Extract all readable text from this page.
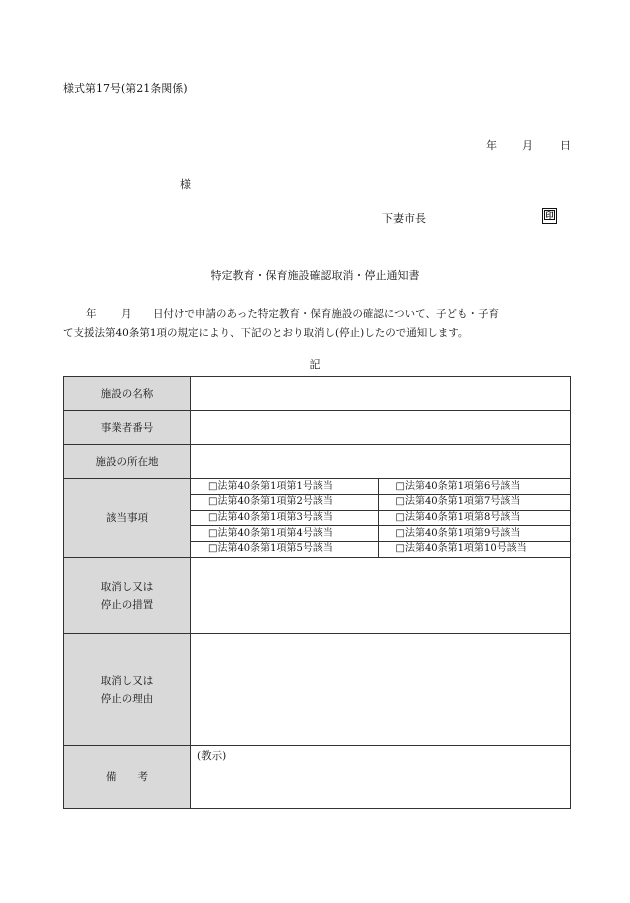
様式第17号(第21条関係)
年 月 日
様
下妻市長	印
特定教育・保育施設確認取消・停止通知書
年 月 日付けで申請のあった特定教育・保育施設の確認について、子ども・子育
て支援法第40条第1項の規定により、下記のとおり取消し(停止)したので通知します。
記
施設の名称	
事業者番号	
施設の所在地	
該当事項	
□法第40条第1項第1号該当	□法第40条第1項第6号該当
□法第40条第1項第2号該当	□法第40条第1項第7号該当
□法第40条第1項第3号該当	□法第40条第1項第8号該当
□法第40条第1項第4号該当	□法第40条第1項第9号該当
□法第40条第1項第5号該当	□法第40条第1項第10号該当

取消し又は
停止の措置	
取消し又は
停止の理由	
備　　考	(教示)
